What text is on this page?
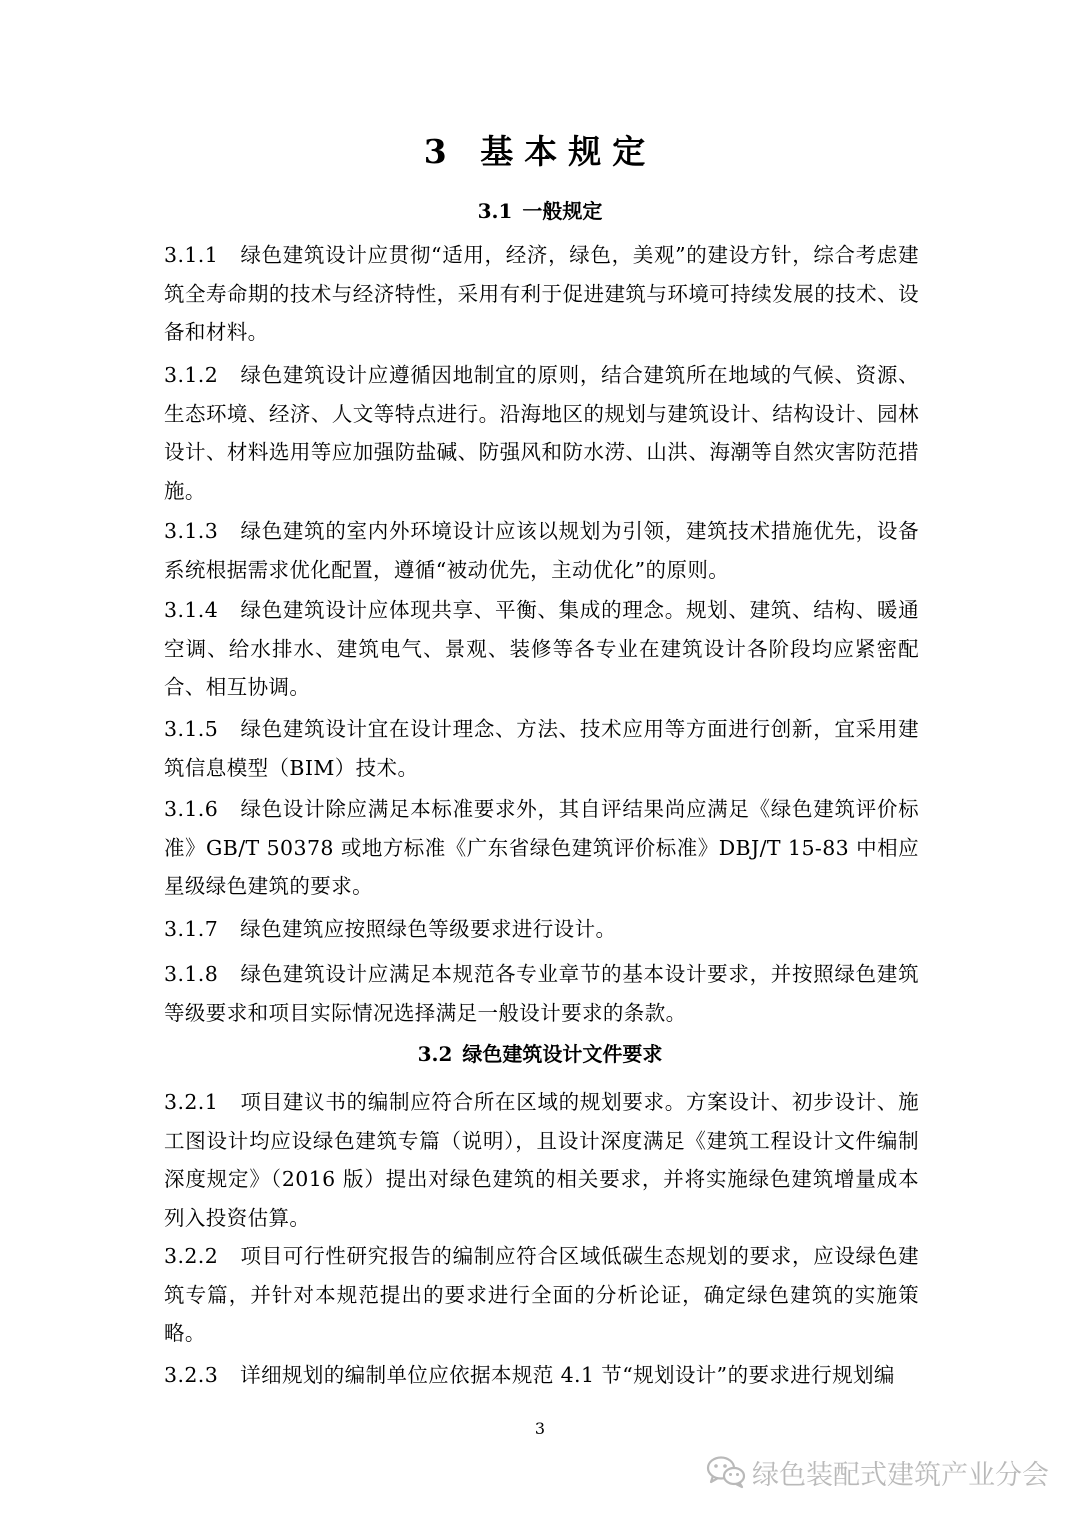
3 基本规定
3.1 一般规定

3.1.1 绿色建筑设计应贯彻“适用，经济，绿色，美观”的建设方针，综合考虑建筑全寿命期的技术与经济特性，采用有利于促进建筑与环境可持续发展的技术、设备和材料。

3.1.2 绿色建筑设计应遵循因地制宜的原则，结合建筑所在地域的气候、资源、生态环境、经济、人文等特点进行。沿海地区的规划与建筑设计、结构设计、园林设计、材料选用等应加强防盐碱、防强风和防水涝、山洪、海潮等自然灾害防范措施。

3.1.3 绿色建筑的室内外环境设计应该以规划为引领，建筑技术措施优先，设备系统根据需求优化配置，遵循“被动优先，主动优化”的原则。

3.1.4 绿色建筑设计应体现共享、平衡、集成的理念。规划、建筑、结构、暖通空调、给水排水、建筑电气、景观、装修等各专业在建筑设计各阶段均应紧密配合、相互协调。

3.1.5 绿色建筑设计宜在设计理念、方法、技术应用等方面进行创新，宜采用建筑信息模型（BIM）技术。

3.1.6 绿色设计除应满足本标准要求外，其自评结果尚应满足《绿色建筑评价标准》GB/T 50378 或地方标准《广东省绿色建筑评价标准》DBJ/T 15-83 中相应星级绿色建筑的要求。

3.1.7 绿色建筑应按照绿色等级要求进行设计。

3.1.8 绿色建筑设计应满足本规范各专业章节的基本设计要求，并按照绿色建筑等级要求和项目实际情况选择满足一般设计要求的条款。

3.2 绿色建筑设计文件要求

3.2.1 项目建议书的编制应符合所在区域的规划要求。方案设计、初步设计、施工图设计均应设绿色建筑专篇（说明），且设计深度满足《建筑工程设计文件编制深度规定》（2016 版）提出对绿色建筑的相关要求，并将实施绿色建筑增量成本列入投资估算。

3.2.2 项目可行性研究报告的编制应符合区域低碳生态规划的要求，应设绿色建筑专篇，并针对本规范提出的要求进行全面的分析论证，确定绿色建筑的实施策略。

3.2.3 详细规划的编制单位应依据本规范 4.1 节“规划设计”的要求进行规划编

3
绿色装配式建筑产业分会
